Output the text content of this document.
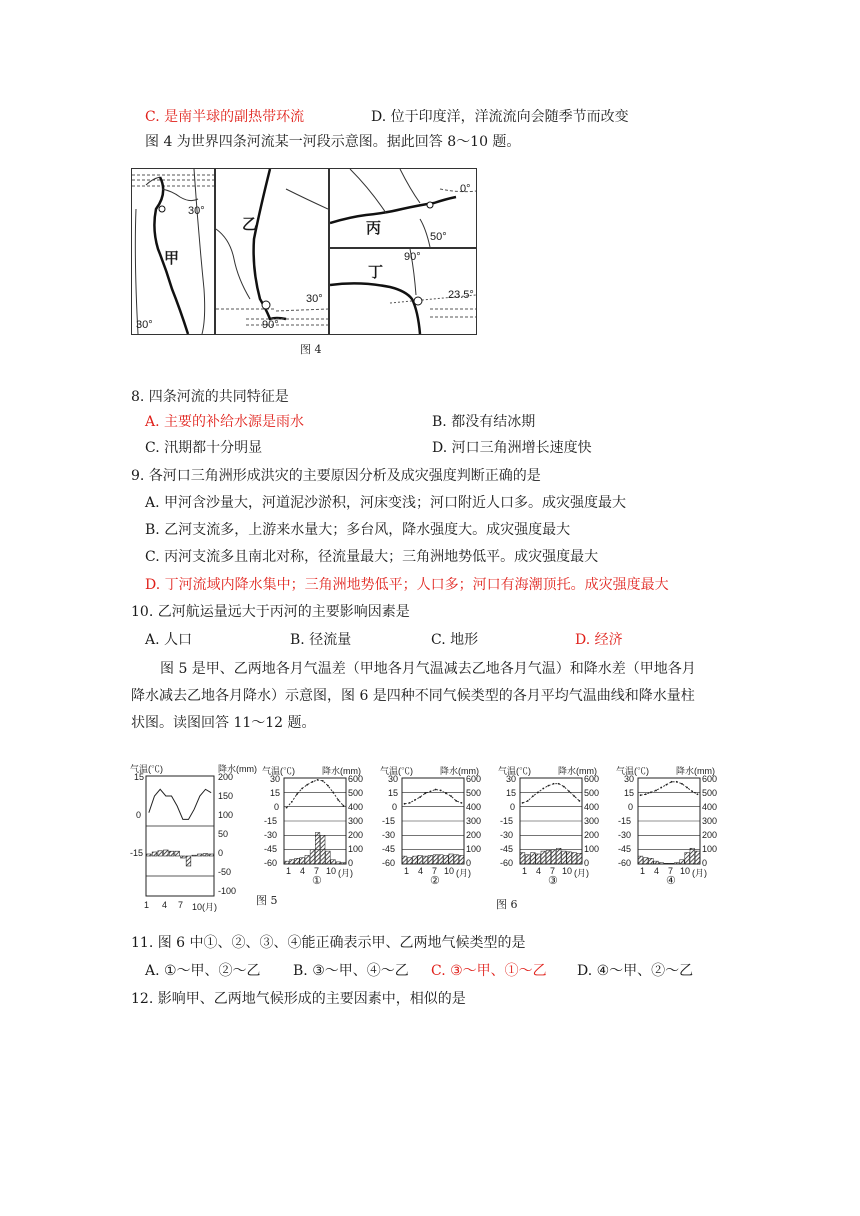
C. 是南半球的副热带环流	D. 位于印度洋，洋流流向会随季节而改变
图 4 为世界四条河流某一河段示意图。据此回答 8～10 题。
30°
甲
30°
乙
30°
90°
0°
丙	50°
90°
丁
23.5°
图 4
8. 四条河流的共同特征是
A. 主要的补给水源是雨水	B. 都没有结冰期
C. 汛期都十分明显	D. 河口三角洲增长速度快
9. 各河口三角洲形成洪灾的主要原因分析及成灾强度判断正确的是
A. 甲河含沙量大，河道泥沙淤积，河床变浅；河口附近人口多。成灾强度最大
B. 乙河支流多，上游来水量大；多台风，降水强度大。成灾强度最大
C. 丙河支流多且南北对称，径流量最大；三角洲地势低平。成灾强度最大
D. 丁河流域内降水集中；三角洲地势低平；人口多；河口有海潮顶托。成灾强度最大
10. 乙河航运量远大于丙河的主要影响因素是
A. 人口	B. 径流量	C. 地形	D. 经济
图 5 是甲、乙两地各月气温差（甲地各月气温减去乙地各月气温）和降水差（甲地各月
降水减去乙地各月降水）示意图，图 6 是四种不同气候类型的各月平均气温曲线和降水量柱
状图。读图回答 11～12 题。
气温(℃)	降水(mm)
15
0
-15
200
150
100
50
0
-50
-100
1 4 7 10(月)	图 5
气温(℃)	降水(mm)
30
15
0
-15
-30
-45
-60
600
500
400
300
200
100
0
1 4 7 10 (月)
①
气温(℃)	降水(mm)
30
15
0
-15
-30
-45
-60
600
500
400
300
200
100
0
1 4 7 10 (月)
②
气温(℃)	降水(mm)
30
15
0
-15
-30
-45
-60
600
500
400
300
200
100
0
1 4 7 10 (月)
③
气温(℃)	降水(mm)
30
15
0
-15
-30
-45
-60
600
500
400
300
200
100
0
1 4 7 10 (月)
④
图 6
11. 图 6 中①、②、③、④能正确表示甲、乙两地气候类型的是
A. ①～甲、②～乙 B. ③～甲、④～乙 C. ③～甲、①～乙 D. ④～甲、②～乙
12. 影响甲、乙两地气候形成的主要因素中，相似的是
